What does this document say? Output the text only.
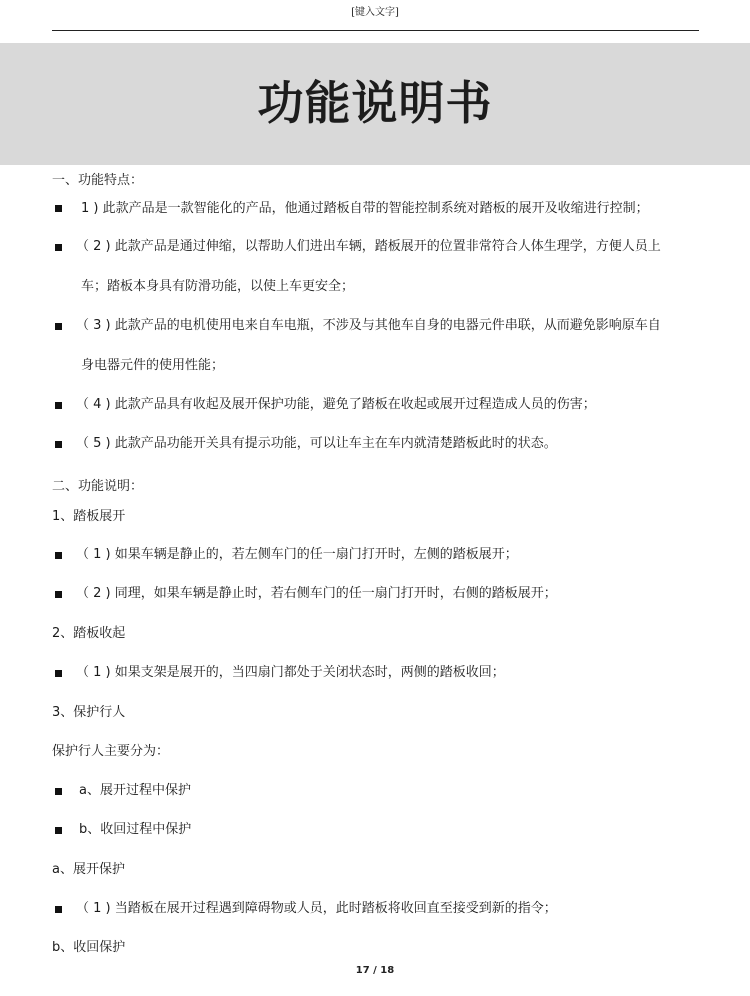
[键入文字]
功能说明书
一、功能特点：
1 ) 此款产品是一款智能化的产品，他通过踏板自带的智能控制系统对踏板的展开及收缩进行控制；
（ 2 ) 此款产品是通过伸缩，以帮助人们进出车辆，踏板展开的位置非常符合人体生理学，方便人员上
车；踏板本身具有防滑功能，以使上车更安全；
（ 3 ) 此款产品的电机使用电来自车电瓶，不涉及与其他车自身的电器元件串联，从而避免影响原车自
身电器元件的使用性能；
（ 4 ) 此款产品具有收起及展开保护功能，避免了踏板在收起或展开过程造成人员的伤害；
（ 5 ) 此款产品功能开关具有提示功能，可以让车主在车内就清楚踏板此时的状态。
二、功能说明：
1、踏板展开
（ 1 ) 如果车辆是静止的，若左侧车门的任一扇门打开时，左侧的踏板展开；
（ 2 ) 同理，如果车辆是静止时，若右侧车门的任一扇门打开时，右侧的踏板展开；
2、踏板收起
（ 1 ) 如果支架是展开的，当四扇门都处于关闭状态时，两侧的踏板收回；
3、保护行人
保护行人主要分为：
a、展开过程中保护
b、收回过程中保护
a、展开保护
（ 1 ) 当踏板在展开过程遇到障碍物或人员，此时踏板将收回直至接受到新的指令；
b、收回保护
17 / 18
